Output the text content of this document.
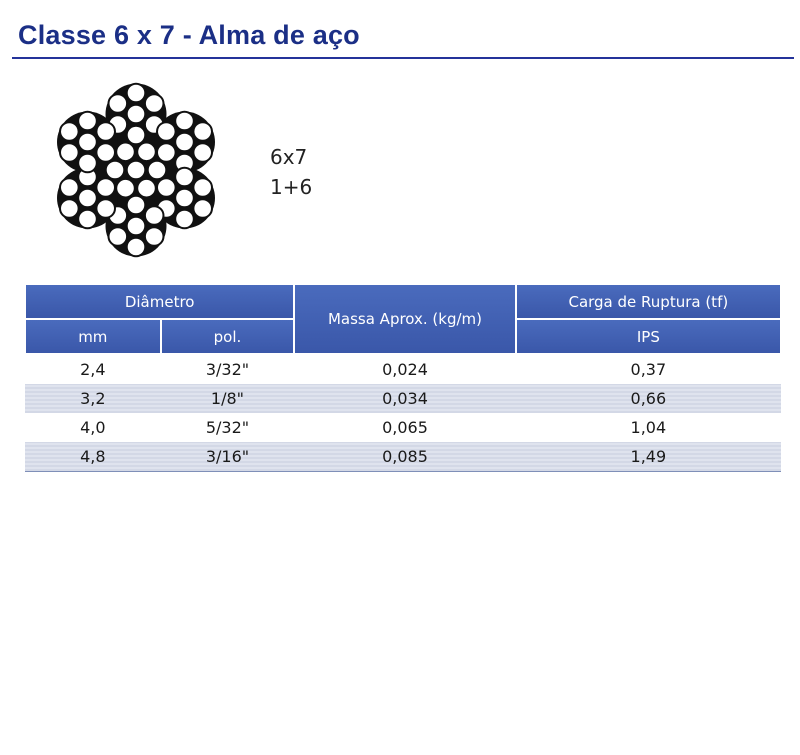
Classe 6 x 7 - Alma de aço
6x7
1+6
Diâmetro		Massa Aprox. (kg/m)	Carga de Ruptura (tf)
mm	pol.		IPS
2,4	3/32"	0,024	0,37
3,2	1/8"	0,034	0,66
4,0	5/32"	0,065	1,04
4,8	3/16"	0,085	1,49
